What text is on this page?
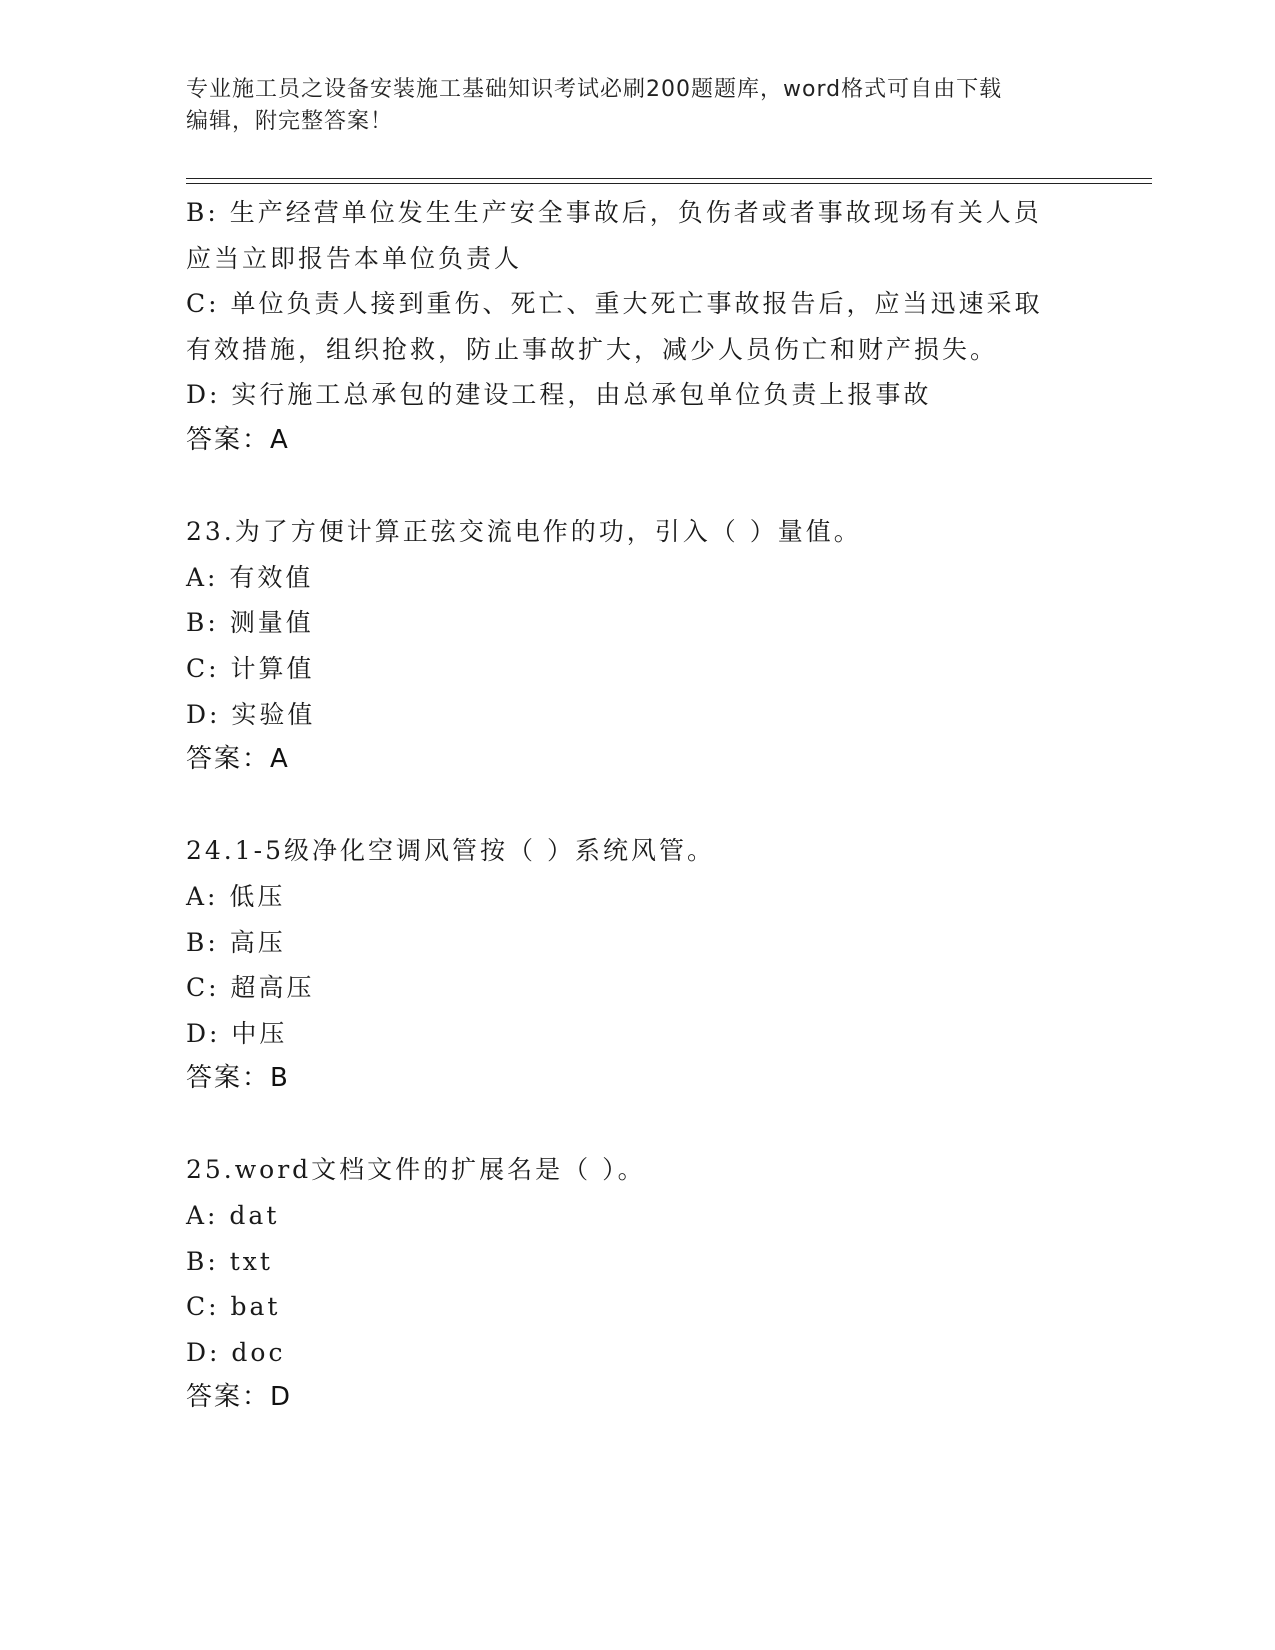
专业施工员之设备安装施工基础知识考试必刷200题题库，word格式可自由下载
编辑，附完整答案！
B: 生产经营单位发生生产安全事故后，负伤者或者事故现场有关人员
应当立即报告本单位负责人
C: 单位负责人接到重伤、死亡、重大死亡事故报告后，应当迅速采取
有效措施，组织抢救，防止事故扩大，减少人员伤亡和财产损失。
D: 实行施工总承包的建设工程，由总承包单位负责上报事故
答案：A
23.为了方便计算正弦交流电作的功，引入（ ）量值。
A: 有效值
B: 测量值
C: 计算值
D: 实验值
答案：A
24.1-5级净化空调风管按（ ）系统风管。
A: 低压
B: 高压
C: 超高压
D: 中压
答案：B
25.word文档文件的扩展名是（ ）。
A: dat
B: txt
C: bat
D: doc
答案：D
